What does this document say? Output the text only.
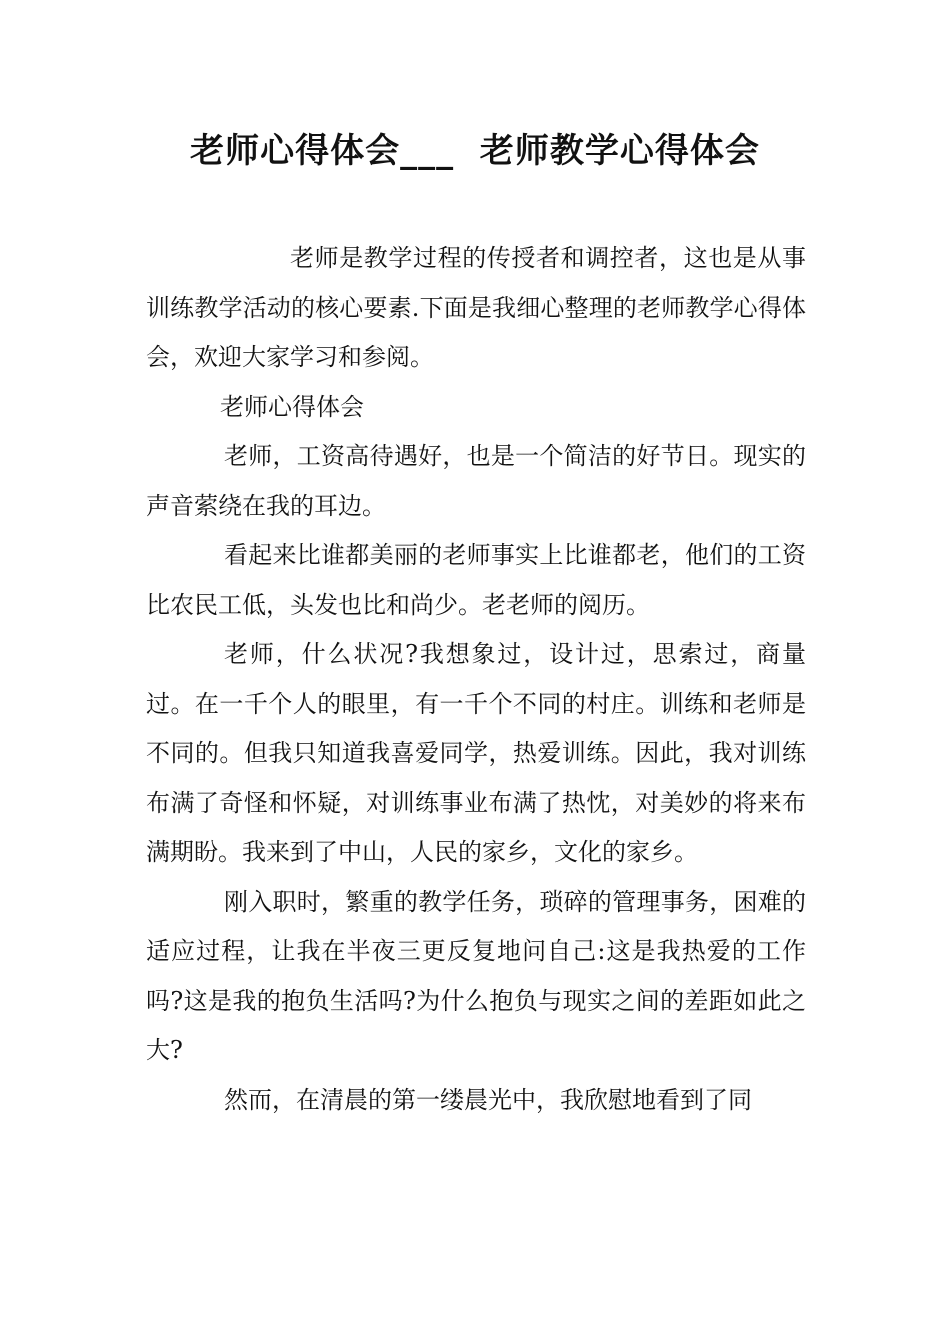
老师心得体会___  老师教学心得体会

老师是教学过程的传授者和调控者，这也是从事训练教学活动的核心要素.下面是我细心整理的老师教学心得体会，欢迎大家学习和参阅。

老师心得体会

老师，工资高待遇好，也是一个简洁的好节日。现实的声音萦绕在我的耳边。

看起来比谁都美丽的老师事实上比谁都老，他们的工资比农民工低，头发也比和尚少。老老师的阅历。

老师，什么状况?我想象过，设计过，思索过，商量过。在一千个人的眼里，有一千个不同的村庄。训练和老师是不同的。但我只知道我喜爱同学，热爱训练。因此，我对训练布满了奇怪和怀疑，对训练事业布满了热忱，对美妙的将来布满期盼。我来到了中山，人民的家乡，文化的家乡。

刚入职时，繁重的教学任务，琐碎的管理事务，困难的适应过程，让我在半夜三更反复地问自己:这是我热爱的工作吗?这是我的抱负生活吗?为什么抱负与现实之间的差距如此之大?

然而，在清晨的第一缕晨光中，我欣慰地看到了同
